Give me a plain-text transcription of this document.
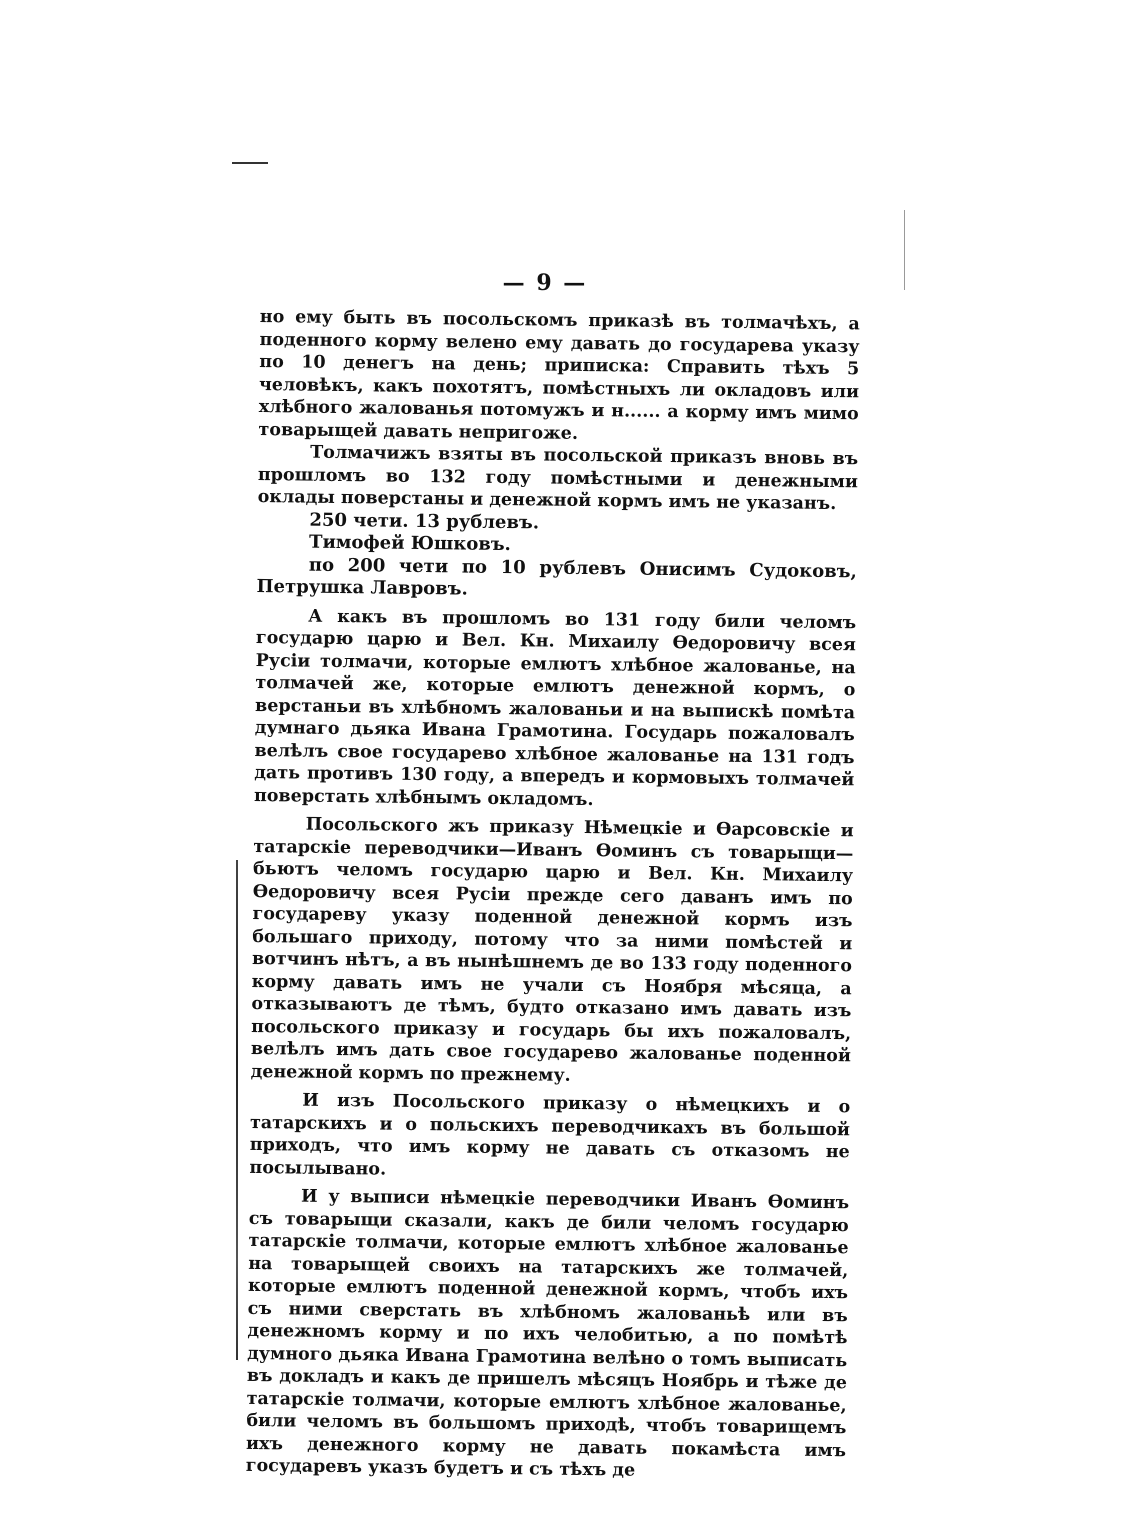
— 9 —

но ему быть въ посольскомъ приказѣ въ толмачѣхъ, а поденного корму велено ему давать до государева указу по 10 денегъ на день; приписка: Справить тѣхъ 5 человѣкъ, какъ похотятъ, помѣстныхъ ли окладовъ или хлѣбного жалованья потомужъ и н...... а корму имъ мимо товарыщей давать непригоже.

Толмачижъ взяты въ посольской приказъ вновь въ прошломъ во 132 году помѣстными и денежными оклады поверстаны и денежной кормъ имъ не указанъ.

250 чети. 13 рублевъ.

Тимофей Юшковъ.

по 200 чети по 10 рублевъ Онисимъ Судоковъ, Петрушка Лавровъ.

А какъ въ прошломъ во 131 году били челомъ государю царю и Вел. Кн. Михаилу Ѳедоровичу всея Русіи толмачи, которые емлютъ хлѣбное жалованье, на толмачей же, которые емлютъ денежной кормъ, о верстаньи въ хлѣбномъ жалованьи и на выпискѣ помѣта думнаго дьяка Ивана Грамотина. Государь пожаловалъ велѣлъ свое государево хлѣбное жалованье на 131 годъ дать противъ 130 году, а впередъ и кормовыхъ толмачей поверстать хлѣбнымъ окладомъ.

Посольского жъ приказу Нѣмецкіе и Ѳарсовскіе и татарскіе переводчики—Иванъ Ѳоминъ съ товарыщи—бьютъ челомъ государю царю и Вел. Кн. Михаилу Ѳедоровичу всея Русіи прежде сего даванъ имъ по государеву указу поденной денежной кормъ изъ большаго приходу, потому что за ними помѣстей и вотчинъ нѣтъ, а въ нынѣшнемъ де во 133 году поденного корму давать имъ не учали съ Ноября мѣсяца, а отказываютъ де тѣмъ, будто отказано имъ давать изъ посольского приказу и государь бы ихъ пожаловалъ, велѣлъ имъ дать свое государево жалованье поденной денежной кормъ по прежнему.

И изъ Посольского приказу о нѣмецкихъ и о татарскихъ и о польскихъ переводчикахъ въ большой приходъ, что имъ корму не давать съ отказомъ не посылывано.

И у выписи нѣмецкіе переводчики Иванъ Ѳоминъ съ товарыщи сказали, какъ де били челомъ государю татарскіе толмачи, которые емлютъ хлѣбное жалованье на товарыщей своихъ на татарскихъ же толмачей, которые емлютъ поденной денежной кормъ, чтобъ ихъ съ ними сверстать въ хлѣбномъ жалованьѣ или въ денежномъ корму и по ихъ челобитью, а по помѣтѣ думного дьяка Ивана Грамотина велѣно о томъ выписать въ докладъ и какъ де пришелъ мѣсяцъ Ноябрь и тѣже де татарскіе толмачи, которые емлютъ хлѣбное жалованье, били челомъ въ большомъ приходѣ, чтобъ товарищемъ ихъ денежного корму не давать покамѣста имъ государевъ указъ будетъ и съ тѣхъ де
